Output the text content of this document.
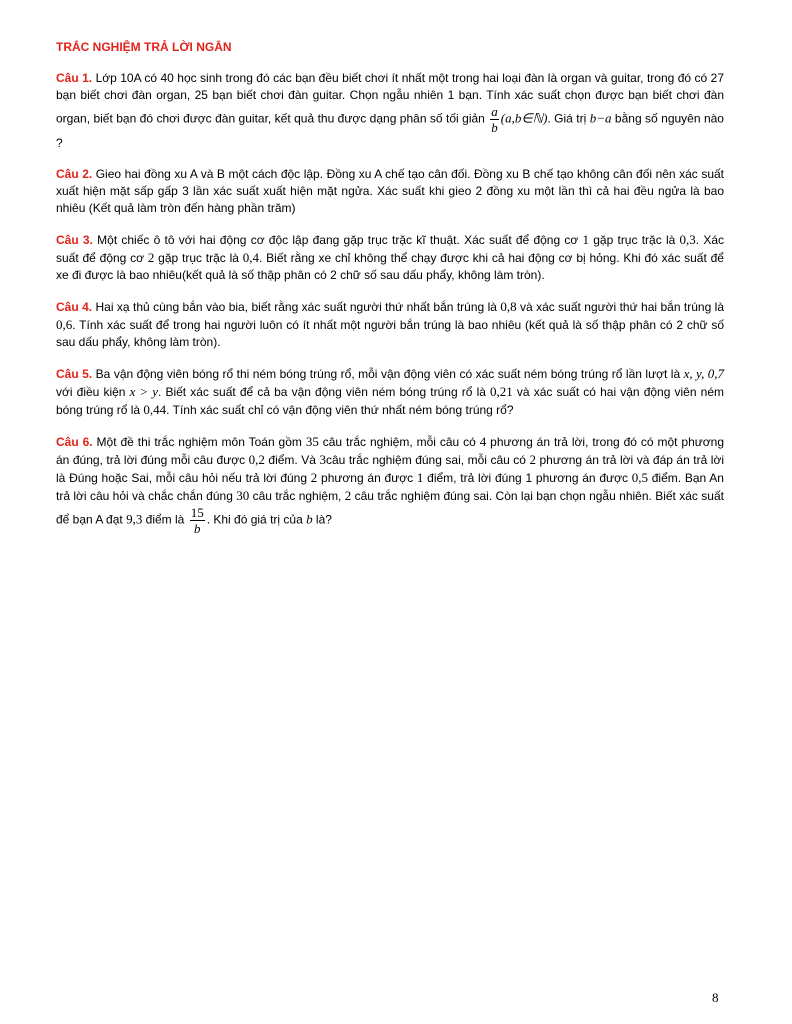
TRẮC NGHIỆM TRẢ LỜI NGẮN

Câu 1. Lớp 10A có 40 học sinh trong đó các bạn đều biết chơi ít nhất một trong hai loại đàn là organ và guitar, trong đó có 27 bạn biết chơi đàn organ, 25 bạn biết chơi đàn guitar. Chọn ngẫu nhiên 1 bạn. Tính xác suất chọn được bạn biết chơi đàn organ, biết bạn đó chơi được đàn guitar, kết quả thu được dạng phân số tối giản $\frac{a}{b}$ (a,b∈ℕ). Giá trị b−a bằng số nguyên nào ?

Câu 2. Gieo hai đồng xu A và B một cách độc lập. Đồng xu A chế tạo cân đối. Đồng xu B chế tạo không cân đối nên xác suất xuất hiện mặt sấp gấp 3 lần xác suất xuất hiện mặt ngửa. Xác suất khi gieo 2 đồng xu một lần thì cả hai đều ngửa là bao nhiêu (Kết quả làm tròn đến hàng phần trăm)

Câu 3. Một chiếc ô tô với hai động cơ độc lập đang gặp trục trặc kĩ thuật. Xác suất để động cơ 1 gặp trục trặc là 0,3. Xác suất để động cơ 2 gặp trục trặc là 0,4. Biết rằng xe chỉ không thể chạy được khi cả hai động cơ bị hỏng. Khi đó xác suất để xe đi được là bao nhiêu(kết quả là số thập phân có 2 chữ số sau dấu phẩy, không làm tròn).

Câu 4. Hai xạ thủ cùng bắn vào bia, biết rằng xác suất người thứ nhất bắn trúng là 0,8 và xác suất người thứ hai bắn trúng là 0,6. Tính xác suất để trong hai người luôn có ít nhất một người bắn trúng là bao nhiêu (kết quả là số thập phân có 2 chữ số sau dấu phẩy, không làm tròn).

Câu 5. Ba vận động viên bóng rổ thi ném bóng trúng rổ, mỗi vận động viên có xác suất ném bóng trúng rổ lần lượt là x, y, 0,7 với điều kiện x > y. Biết xác suất để cả ba vận động viên ném bóng trúng rổ là 0,21 và xác suất có hai vận động viên ném bóng trúng rổ là 0,44. Tính xác suất chỉ có vận động viên thứ nhất ném bóng trúng rổ?

Câu 6. Một đề thi trắc nghiệm môn Toán gồm 35 câu trắc nghiệm, mỗi câu có 4 phương án trả lời, trong đó có một phương án đúng, trả lời đúng mỗi câu được 0,2 điểm. Và 3câu trắc nghiệm đúng sai, mỗi câu có 2 phương án trả lời và đáp án trả lời là Đúng hoặc Sai, mỗi câu hỏi nếu trả lời đúng 2 phương án được 1 điểm, trả lời đúng 1 phương án được 0,5 điểm. Bạn An trả lời câu hỏi và chắc chắn đúng 30 câu trắc nghiệm, 2 câu trắc nghiệm đúng sai. Còn lại bạn chọn ngẫu nhiên. Biết xác suất để bạn A đạt 9,3 điểm là $\frac{15}{b}$ . Khi đó giá trị của b là?

8
